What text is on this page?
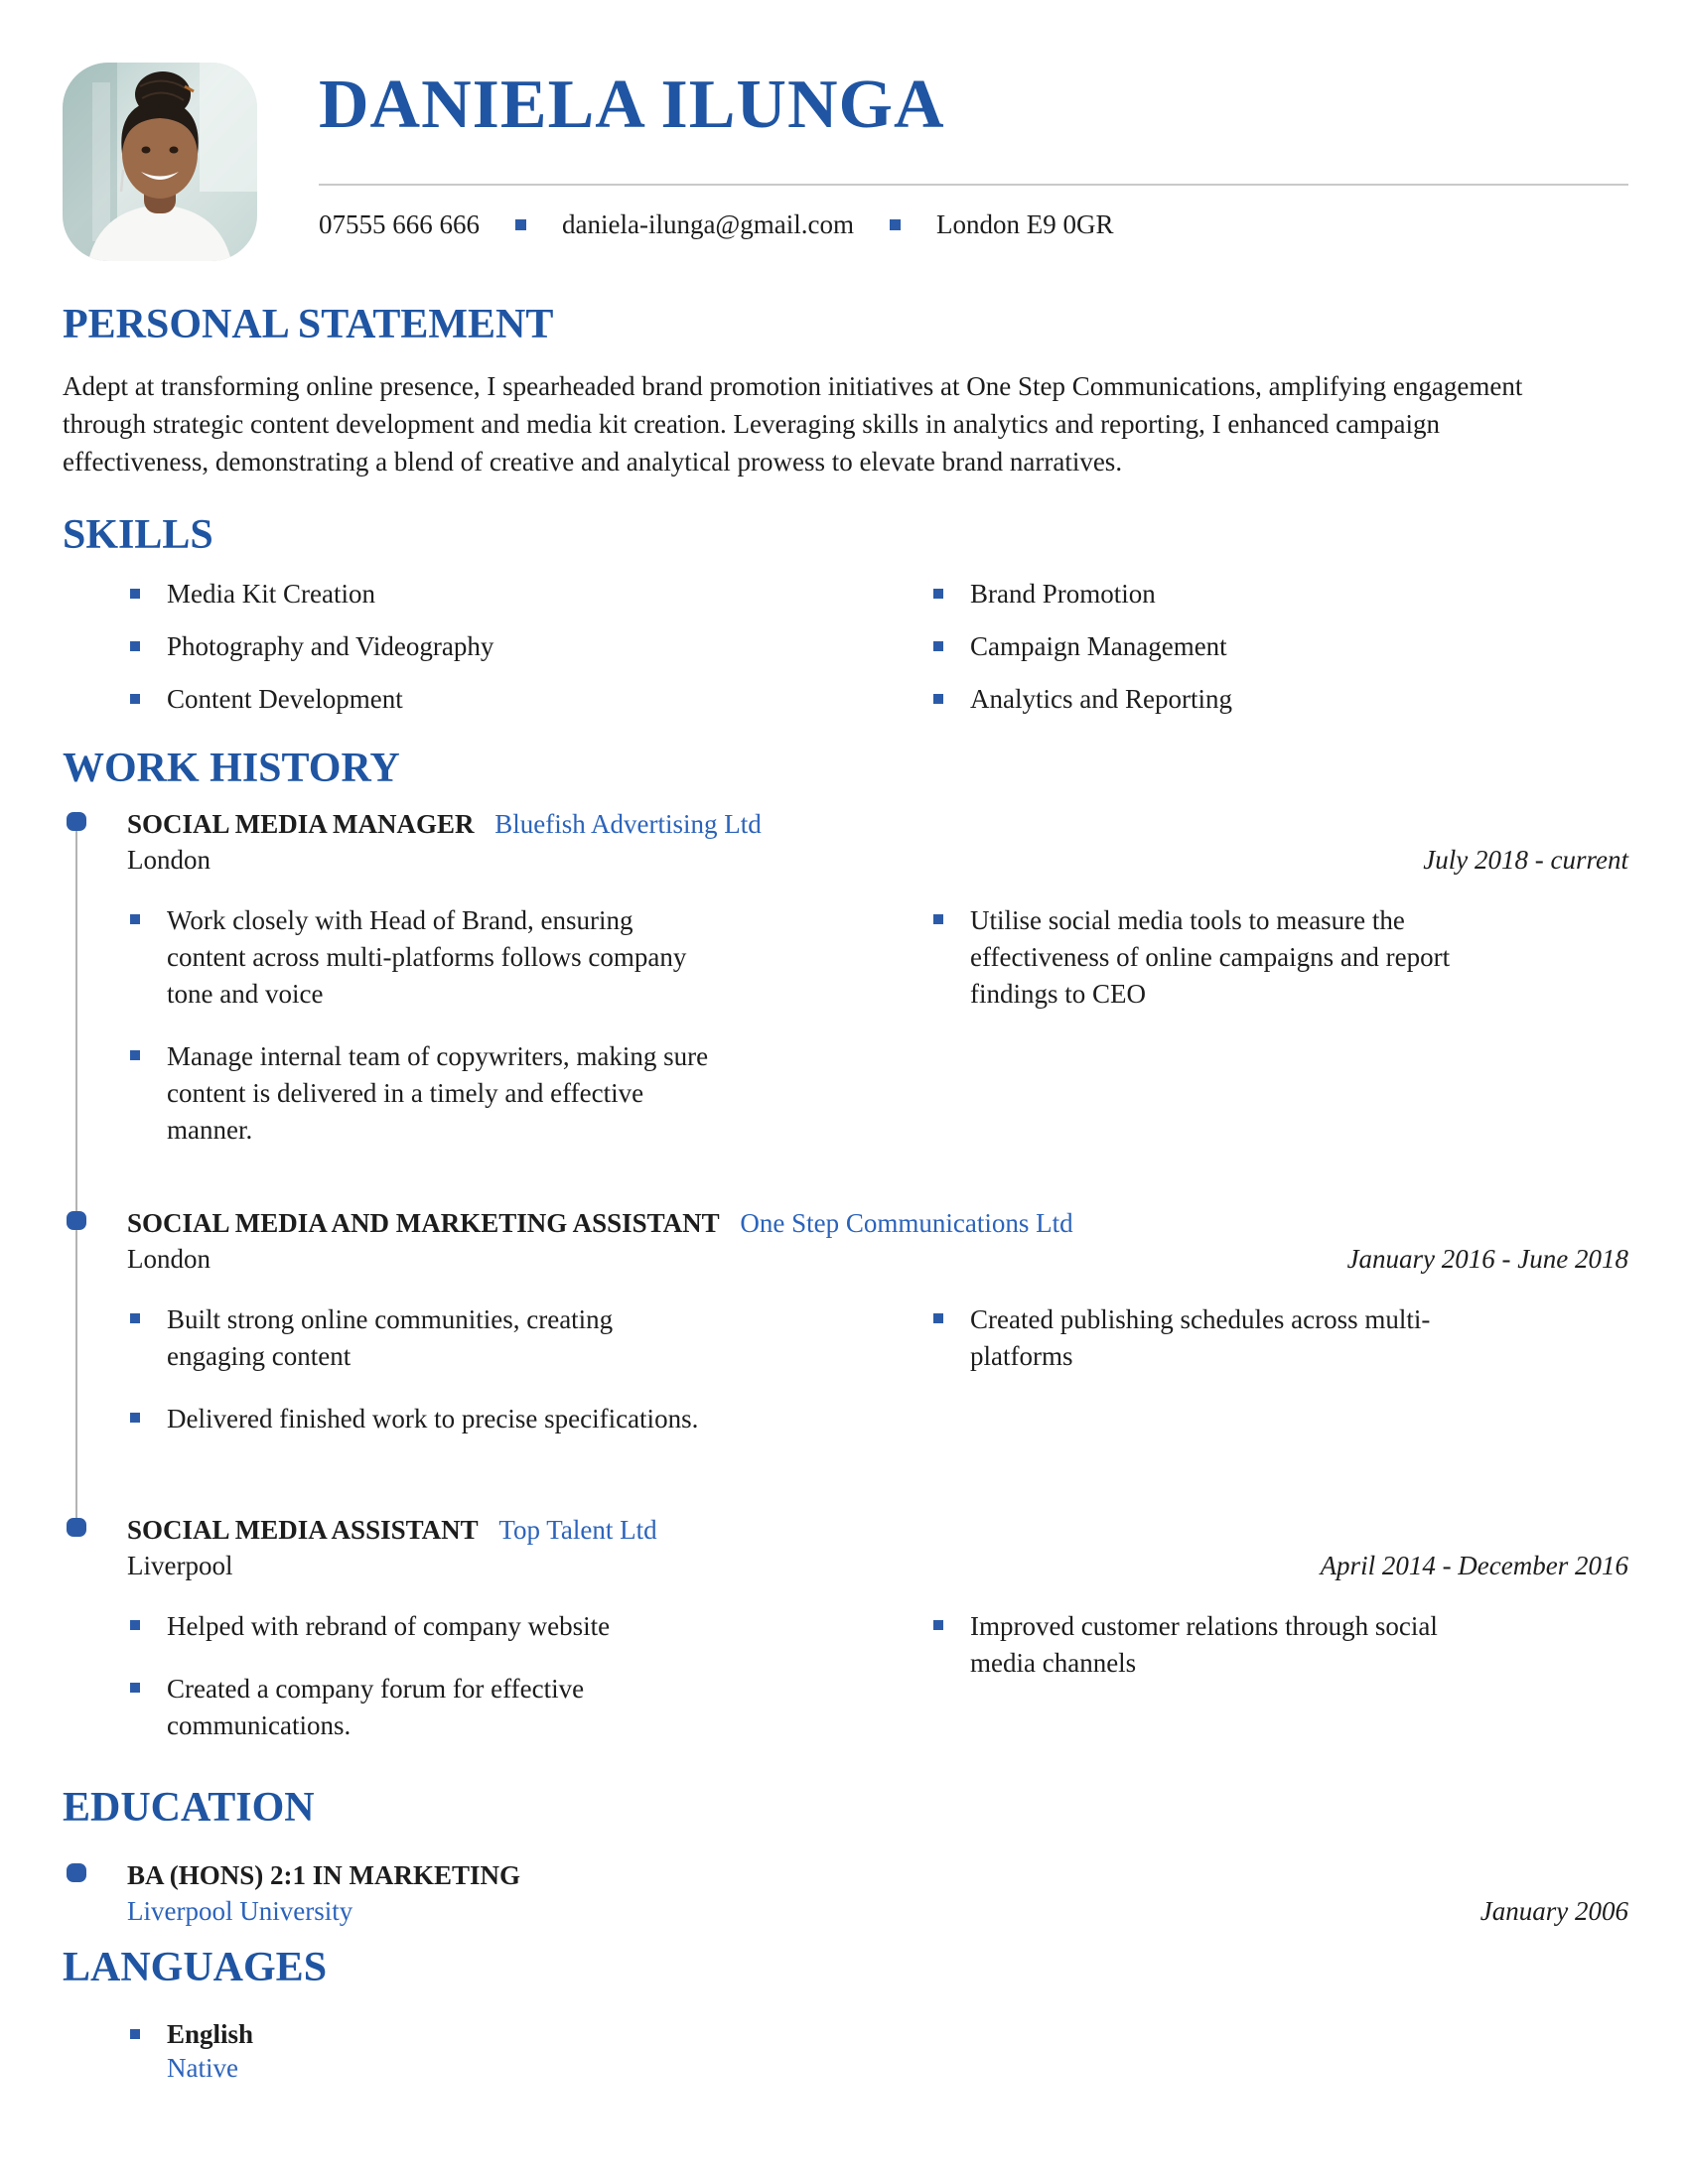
DANIELA ILUNGA
07555 666 666	daniela-ilunga@gmail.com	London E9 0GR
PERSONAL STATEMENT

Adept at transforming online presence, I spearheaded brand promotion initiatives at One Step Communications, amplifying engagement through strategic content development and media kit creation. Leveraging skills in analytics and reporting, I enhanced campaign effectiveness, demonstrating a blend of creative and analytical prowess to elevate brand narratives.

SKILLS
Media Kit Creation
Photography and Videography
Content Development
Brand Promotion
Campaign Management
Analytics and Reporting
WORK HISTORY
SOCIAL MEDIA MANAGER Bluefish Advertising Ltd
London	July 2018 - current
Work closely with Head of Brand, ensuring content across multi-platforms follows company tone and voice
Manage internal team of copywriters, making sure content is delivered in a timely and effective manner.
Utilise social media tools to measure the effectiveness of online campaigns and report findings to CEO
SOCIAL MEDIA AND MARKETING ASSISTANT One Step Communications Ltd
London	January 2016 - June 2018
Built strong online communities, creating engaging content
Delivered finished work to precise specifications.
Created publishing schedules across multi-platforms
SOCIAL MEDIA ASSISTANT Top Talent Ltd
Liverpool	April 2014 - December 2016
Helped with rebrand of company website
Created a company forum for effective communications.
Improved customer relations through social media channels
EDUCATION
BA (HONS) 2:1 IN MARKETING
Liverpool University	January 2006
LANGUAGES
English
Native
